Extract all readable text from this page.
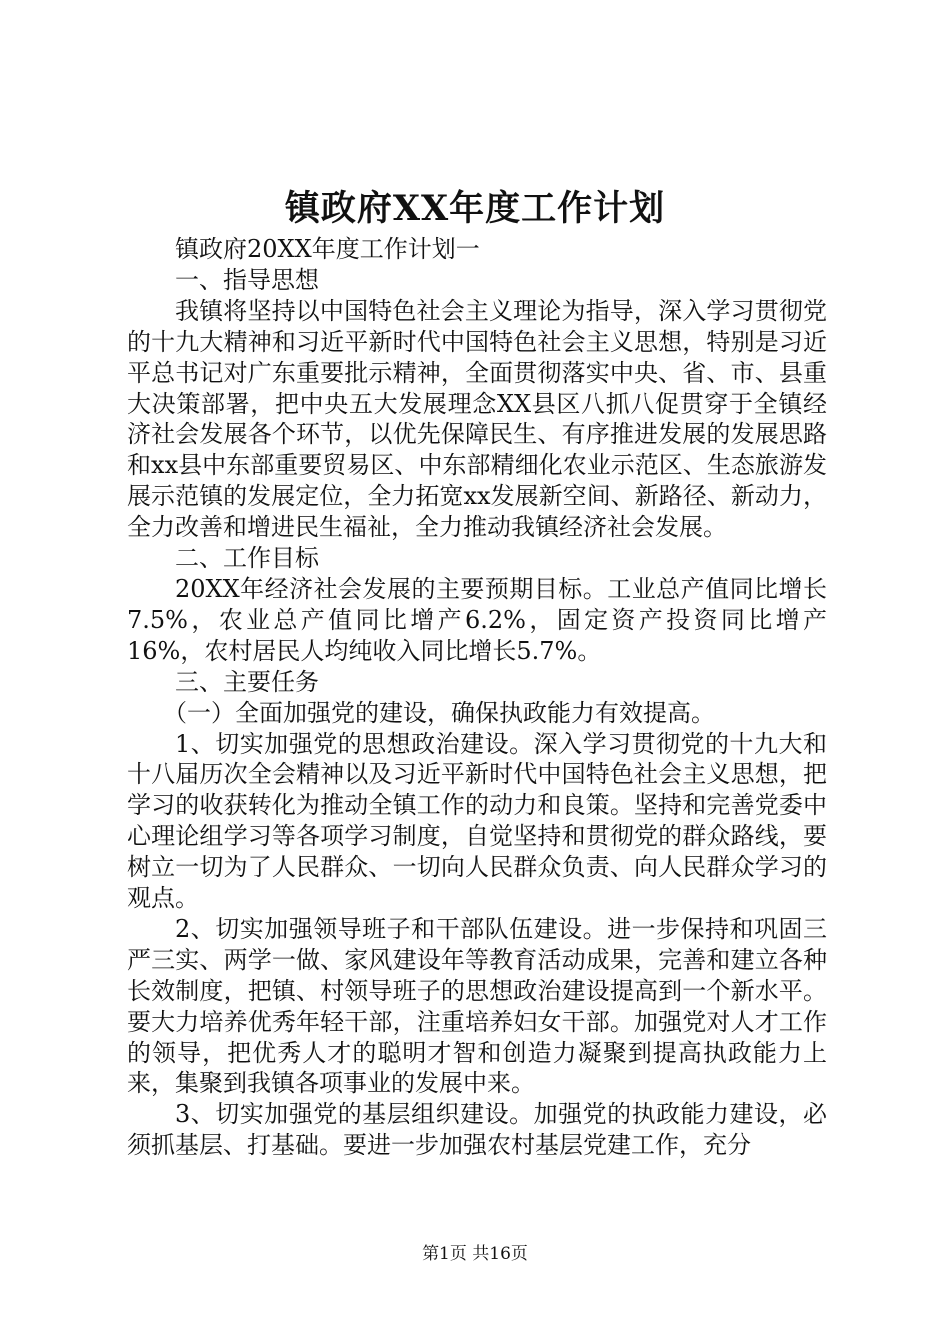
镇政府XX年度工作计划

镇政府20XX年度工作计划一

一、指导思想

我镇将坚持以中国特色社会主义理论为指导，深入学习贯彻党的十九大精神和习近平新时代中国特色社会主义思想，特别是习近平总书记对广东重要批示精神，全面贯彻落实中央、省、市、县重大决策部署，把中央五大发展理念XX县区八抓八促贯穿于全镇经济社会发展各个环节，以优先保障民生、有序推进发展的发展思路和xx县中东部重要贸易区、中东部精细化农业示范区、生态旅游发展示范镇的发展定位，全力拓宽xx发展新空间、新路径、新动力，全力改善和增进民生福祉，全力推动我镇经济社会发展。

二、工作目标

20XX年经济社会发展的主要预期目标。工业总产值同比增长7.5%，农业总产值同比增产6.2%，固定资产投资同比增产16%，农村居民人均纯收入同比增长5.7%。

三、主要任务

（一）全面加强党的建设，确保执政能力有效提高。

1、切实加强党的思想政治建设。深入学习贯彻党的十九大和十八届历次全会精神以及习近平新时代中国特色社会主义思想，把学习的收获转化为推动全镇工作的动力和良策。坚持和完善党委中心理论组学习等各项学习制度，自觉坚持和贯彻党的群众路线，要树立一切为了人民群众、一切向人民群众负责、向人民群众学习的观点。

2、切实加强领导班子和干部队伍建设。进一步保持和巩固三严三实、两学一做、家风建设年等教育活动成果，完善和建立各种长效制度，把镇、村领导班子的思想政治建设提高到一个新水平。要大力培养优秀年轻干部，注重培养妇女干部。加强党对人才工作的领导，把优秀人才的聪明才智和创造力凝聚到提高执政能力上来，集聚到我镇各项事业的发展中来。

3、切实加强党的基层组织建设。加强党的执政能力建设，必须抓基层、打基础。要进一步加强农村基层党建工作，充分

第1页 共16页
